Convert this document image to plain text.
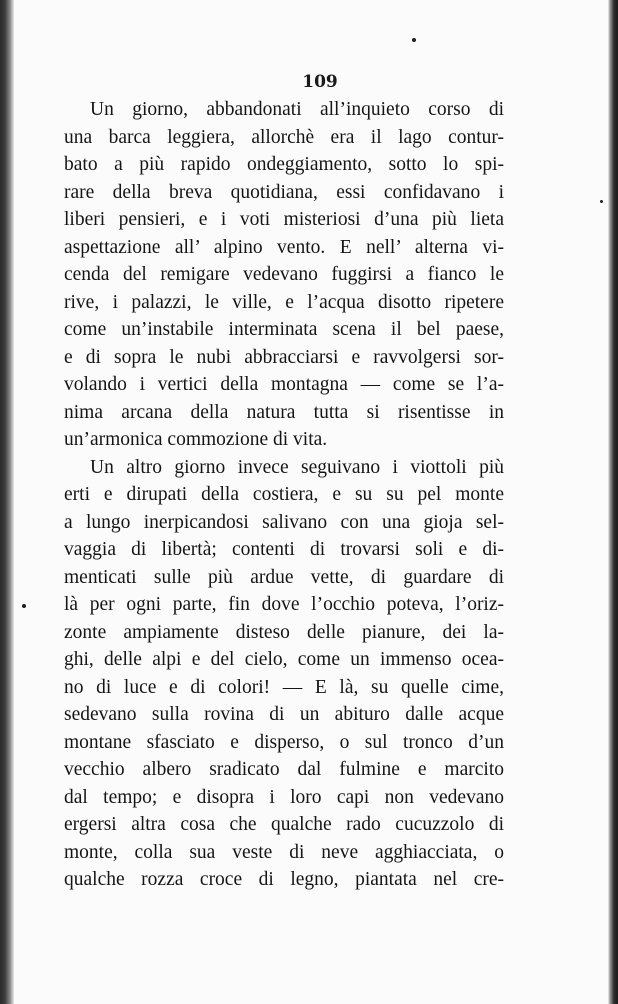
109
Un giorno, abbandonati all’inquieto corso di
una barca leggiera, allorchè era il lago contur-
bato a più rapido ondeggiamento, sotto lo spi-
rare della breva quotidiana, essi confidavano i
liberi pensieri, e i voti misteriosi d’una più lieta
aspettazione all’ alpino vento. E nell’ alterna vi-
cenda del remigare vedevano fuggirsi a fianco le
rive, i palazzi, le ville, e l’acqua disotto ripetere
come un’instabile interminata scena il bel paese,
e di sopra le nubi abbracciarsi e ravvolgersi sor-
volando i vertici della montagna — come se l’a-
nima arcana della natura tutta si risentisse in
un’armonica commozione di vita.
Un altro giorno invece seguivano i viottoli più
erti e dirupati della costiera, e su su pel monte
a lungo inerpicandosi salivano con una gioja sel-
vaggia di libertà; contenti di trovarsi soli e di-
menticati sulle più ardue vette, di guardare di
là per ogni parte, fin dove l’occhio poteva, l’oriz-
zonte ampiamente disteso delle pianure, dei la-
ghi, delle alpi e del cielo, come un immenso ocea-
no di luce e di colori! — E là, su quelle cime,
sedevano sulla rovina di un abituro dalle acque
montane sfasciato e disperso, o sul tronco d’un
vecchio albero sradicato dal fulmine e marcito
dal tempo; e disopra i loro capi non vedevano
ergersi altra cosa che qualche rado cucuzzolo di
monte, colla sua veste di neve agghiacciata, o
qualche rozza croce di legno, piantata nel cre-
